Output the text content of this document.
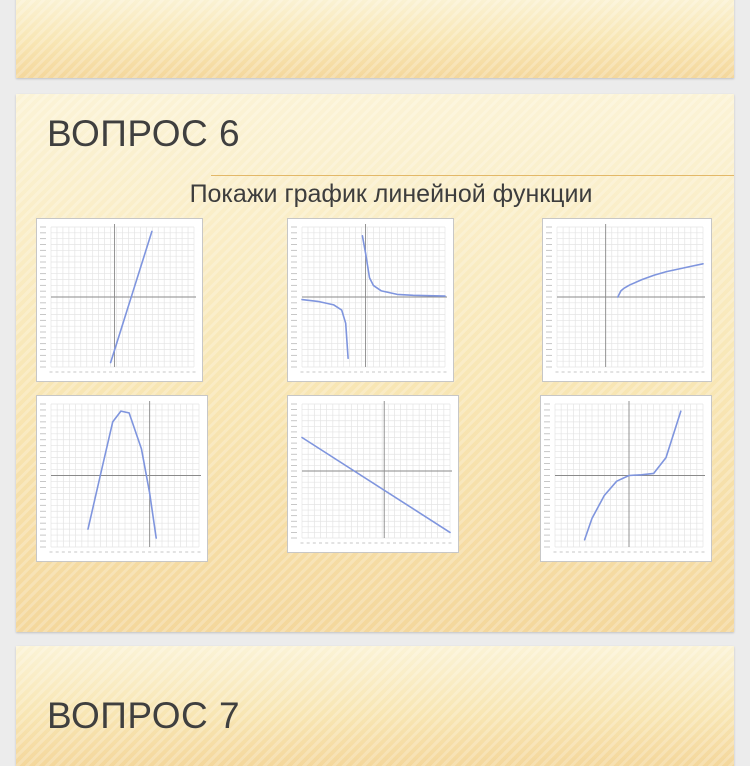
ВОПРОС 6

Покажи график линейной функции

ВОПРОС 7
